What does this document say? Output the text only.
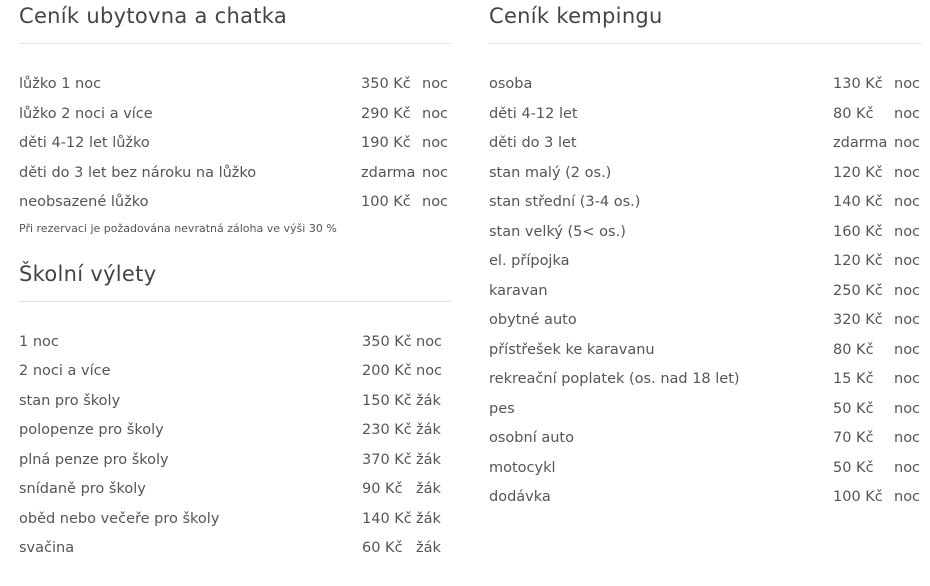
Ceník ubytovna a chatka
lůžko 1 noc	350 Kč	noc
lůžko 2 noci a více	290 Kč	noc
děti 4-12 let lůžko	190 Kč	noc
děti do 3 let bez nároku na lůžko	zdarma	noc
neobsazené lůžko	100 Kč	noc
Při rezervaci je požadována nevratná záloha ve výši 30 %
Školní výlety
1 noc	350 Kč	noc
2 noci a více	200 Kč	noc
stan pro školy	150 Kč	žák
polopenze pro školy	230 Kč	žák
plná penze pro školy	370 Kč	žák
snídaně pro školy	90 Kč	žák
oběd nebo večeře pro školy	140 Kč	žák
svačina	60 Kč	žák
Ceník kempingu
osoba	130 Kč	noc
děti 4-12 let	80 Kč	noc
děti do 3 let	zdarma	noc
stan malý (2 os.)	120 Kč	noc
stan střední (3-4 os.)	140 Kč	noc
stan velký (5< os.)	160 Kč	noc
el. přípojka	120 Kč	noc
karavan	250 Kč	noc
obytné auto	320 Kč	noc
přístřešek ke karavanu	80 Kč	noc
rekreační poplatek (os. nad 18 let)	15 Kč	noc
pes	50 Kč	noc
osobní auto	70 Kč	noc
motocykl	50 Kč	noc
dodávka	100 Kč	noc
